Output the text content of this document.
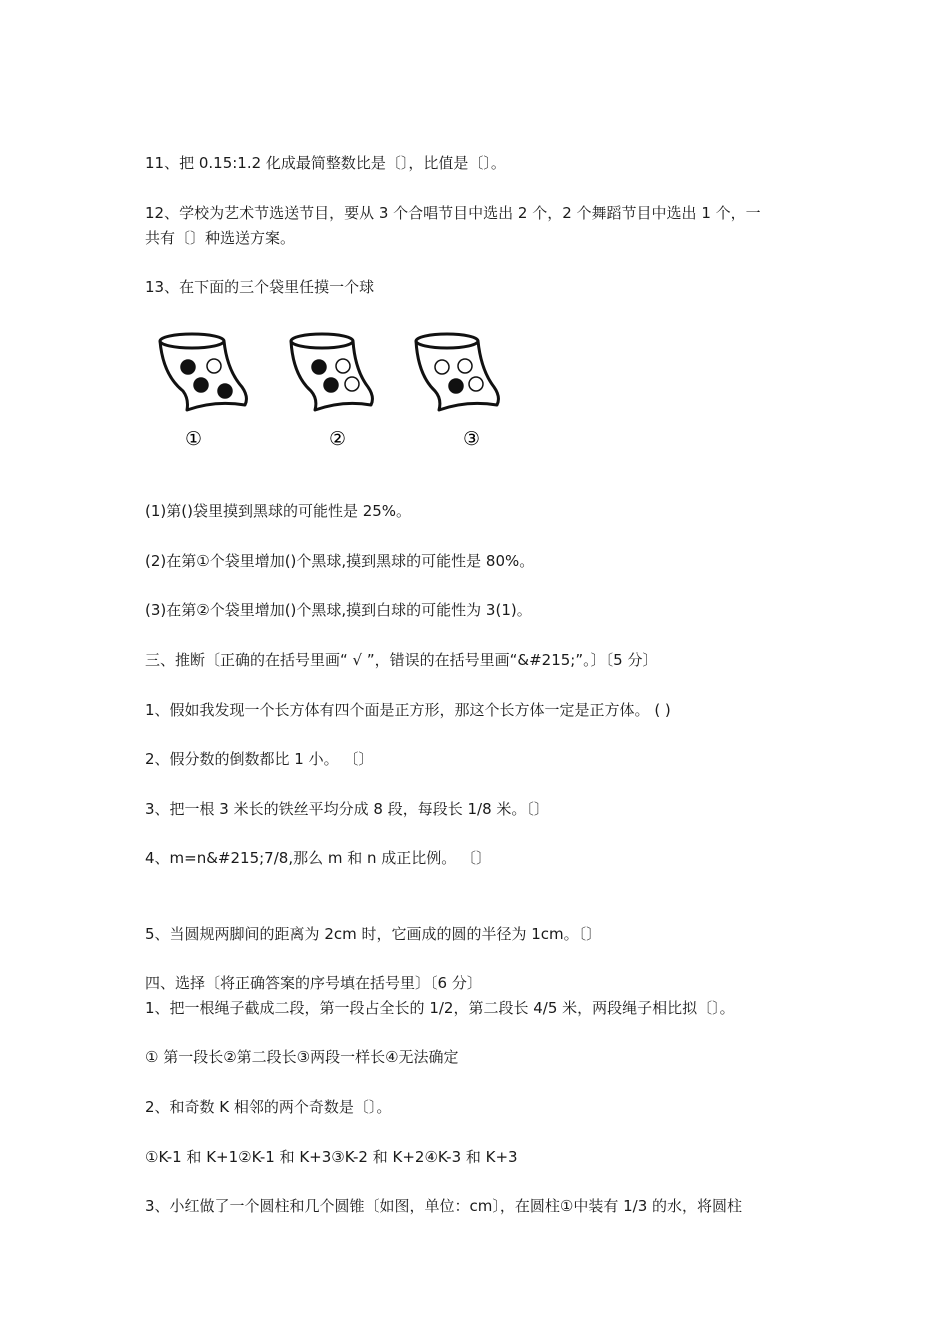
11、把 0.15:1.2 化成最简整数比是〔〕，比值是〔〕。
12、学校为艺术节选送节目，要从 3 个合唱节目中选出 2 个，2 个舞蹈节目中选出 1 个，一
共有〔〕种选送方案。
13、在下面的三个袋里任摸一个球
①	②	③
(1)第()袋里摸到黑球的可能性是 25%。
(2)在第①个袋里增加()个黑球,摸到黑球的可能性是 80%。
(3)在第②个袋里增加()个黑球,摸到白球的可能性为 3(1)。
三、推断〔正确的在括号里画“ √ ”，错误的在括号里画“&#215;”。〕〔5 分〕
1、假如我发现一个长方体有四个面是正方形，那这个长方体一定是正方体。 ( )
2、假分数的倒数都比 1 小。 〔〕
3、把一根 3 米长的铁丝平均分成 8 段，每段长 1/8 米。〔〕
4、m=n&#215;7/8,那么 m 和 n 成正比例。 〔〕
5、当圆规两脚间的距离为 2cm 时，它画成的圆的半径为 1cm。〔〕
四、选择〔将正确答案的序号填在括号里〕〔6 分〕
1、把一根绳子截成二段，第一段占全长的 1/2，第二段长 4/5 米，两段绳子相比拟〔〕。
① 第一段长②第二段长③两段一样长④无法确定
2、和奇数 K 相邻的两个奇数是〔〕。
①K-1 和 K+1②K-1 和 K+3③K-2 和 K+2④K-3 和 K+3
3、小红做了一个圆柱和几个圆锥〔如图，单位：cm〕，在圆柱①中装有 1/3 的水，将圆柱
